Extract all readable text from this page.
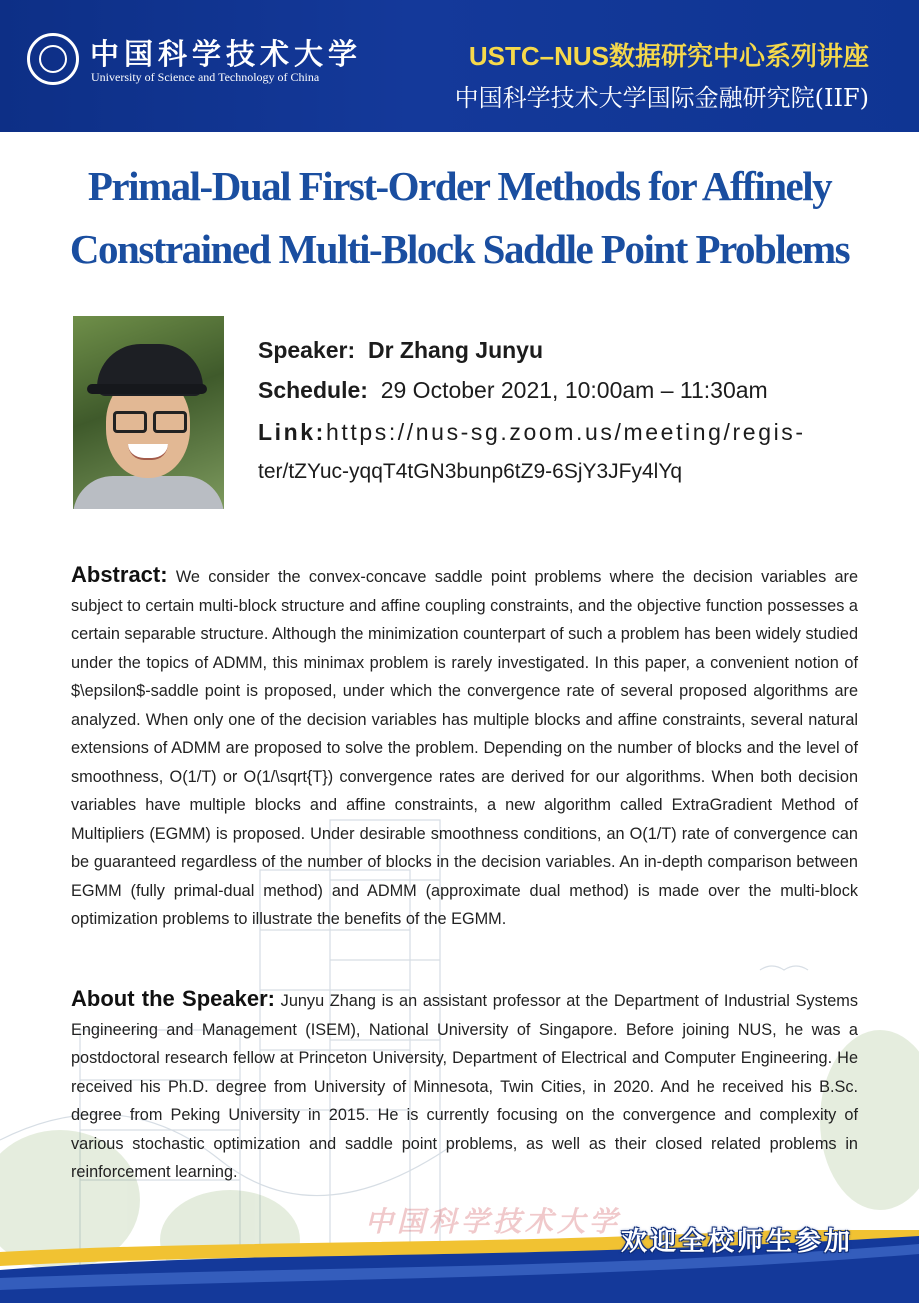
中国科学技术大学
University of Science and Technology of China
USTC–NUS数据研究中心系列讲座
中国科学技术大学国际金融研究院(IIF)
Primal-Dual First-Order Methods for Affinely
Constrained Multi-Block Saddle Point Problems
Speaker: Dr Zhang Junyu
Schedule: 29 October 2021, 10:00am – 11:30am
Link:https://nus-sg.zoom.us/meeting/regis-
ter/tZYuc-yqqT4tGN3bunp6tZ9-6SjY3JFy4lYq
Abstract: We consider the convex-concave saddle point problems where the decision variables are subject to certain multi-block structure and affine coupling constraints, and the objective function possesses a certain separable structure. Although the minimization counterpart of such a problem has been widely studied under the topics of ADMM, this minimax problem is rarely investigated. In this paper, a convenient notion of $\epsilon$-saddle point is proposed, under which the convergence rate of several proposed algorithms are analyzed. When only one of the decision variables has multiple blocks and affine constraints, several natural extensions of ADMM are proposed to solve the problem. Depending on the number of blocks and the level of smoothness, O(1/T) or O(1/\sqrt{T}) convergence rates are derived for our algorithms. When both decision variables have multiple blocks and affine constraints, a new algorithm called ExtraGradient Method of Multipliers (EGMM) is proposed. Under desirable smoothness conditions, an O(1/T) rate of convergence can be guaranteed regardless of the number of blocks in the decision variables. An in-depth comparison between EGMM (fully primal-dual method) and ADMM (approximate dual method) is made over the multi-block optimization problems to illustrate the benefits of the EGMM.
About the Speaker: Junyu Zhang is an assistant professor at the Department of Industrial Systems Engineering and Management (ISEM), National University of Singapore. Before joining NUS, he was a postdoctoral research fellow at Princeton University, Department of Electrical and Computer Engineering. He received his Ph.D. degree from University of Minnesota, Twin Cities, in 2020. And he received his B.Sc. degree from Peking University in 2015. He is currently focusing on the convergence and complexity of various stochastic optimization and saddle point problems, as well as their closed related problems in reinforcement learning.
中国科学技术大学
欢迎全校师生参加
